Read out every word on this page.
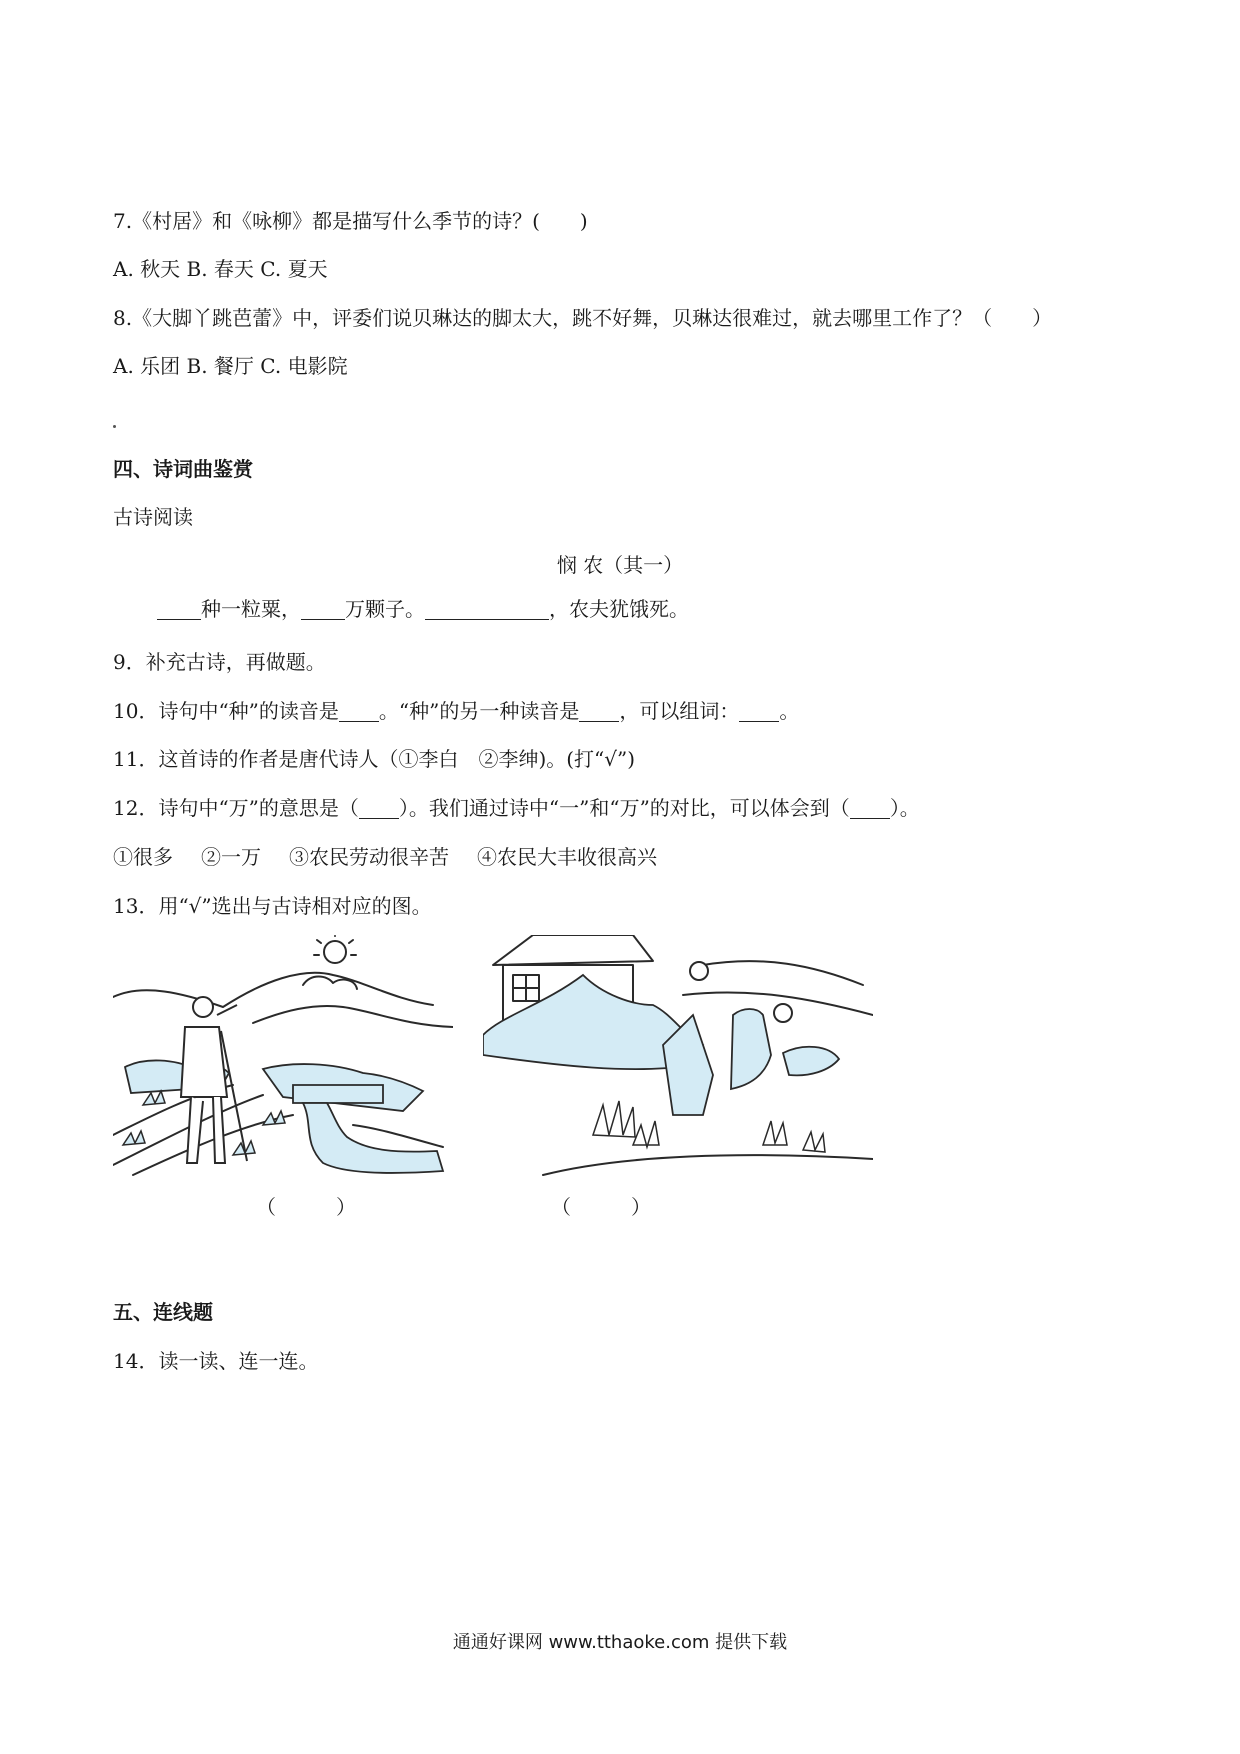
7.《村居》和《咏柳》都是描写什么季节的诗？(　　)
A. 秋天 B. 春天 C. 夏天
8.《大脚丫跳芭蕾》中，评委们说贝琳达的脚太大，跳不好舞，贝琳达很难过，就去哪里工作了？（　　）
A. 乐团 B. 餐厅 C. 电影院
四、诗词曲鉴赏
古诗阅读
悯 农（其一）
种一粒粟， 万颗子。	，农夫犹饿死。
9．补充古诗，再做题。
10．诗句中“种”的读音是 。“种”的另一种读音是 ，可以组词： 。
11．这首诗的作者是唐代诗人（①李白　②李绅)。(打“√”)
12．诗句中“万”的意思是（ ）。我们通过诗中“一”和“万”的对比，可以体会到（ ）。
①很多 ②一万 ③农民劳动很辛苦 ④农民大丰收很高兴
13．用“√”选出与古诗相对应的图。
（　　　）	（　　　）
五、连线题
14．读一读、连一连。
通通好课网 www.tthaoke.com 提供下载
